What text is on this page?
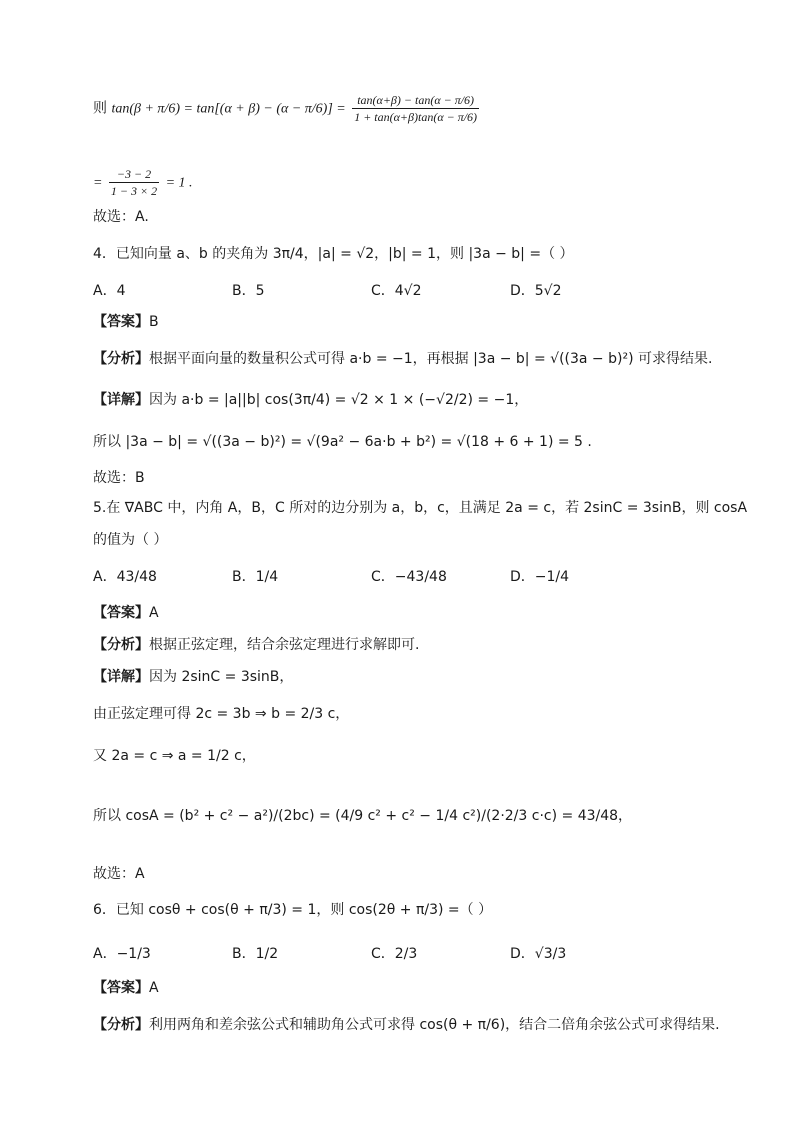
则 $\tan(\beta + \pi/6) = \tan[(\alpha + \beta) - (\alpha - \pi/6)] = \frac{\tan(\alpha+\beta) - \tan(\alpha - \pi/6)}{1 + \tan(\alpha+\beta)\tan(\alpha - \pi/6)}$
= $\frac{-3 - 2}{1 - 3 \times 2} = 1$ .
故选：A.
4．已知向量 a、b 的夹角为 3π/4，|a| = √2，|b| = 1，则 |3a − b| =（ ）
A．4	B．5	C．4√2	D．5√2
【答案】B
【分析】根据平面向量的数量积公式可得 a·b = −1，再根据 |3a − b| = √((3a − b)²) 可求得结果.
【详解】因为 a·b = |a||b| cos(3π/4) = √2 × 1 × (−√2/2) = −1，
所以 |3a − b| = √((3a − b)²) = √(9a² − 6a·b + b²) = √(18 + 6 + 1) = 5 .
故选：B
5.在 ∇ABC 中，内角 A，B，C 所对的边分别为 a，b，c，且满足 2a = c，若 2sinC = 3sinB，则 cosA
的值为（ ）
A．43/48	B．1/4	C．−43/48	D．−1/4
【答案】A
【分析】根据正弦定理，结合余弦定理进行求解即可.
【详解】因为 2sinC = 3sinB，
由正弦定理可得 2c = 3b ⇒ b = 2/3 c，
又 2a = c ⇒ a = 1/2 c，
所以 cosA = (b² + c² − a²)/(2bc) = (4/9 c² + c² − 1/4 c²)/(2·2/3 c·c) = 43/48，
故选：A
6．已知 cosθ + cos(θ + π/3) = 1，则 cos(2θ + π/3) =（ ）
A．−1/3	B．1/2	C．2/3	D．√3/3
【答案】A
【分析】利用两角和差余弦公式和辅助角公式可求得 cos(θ + π/6)，结合二倍角余弦公式可求得结果.
